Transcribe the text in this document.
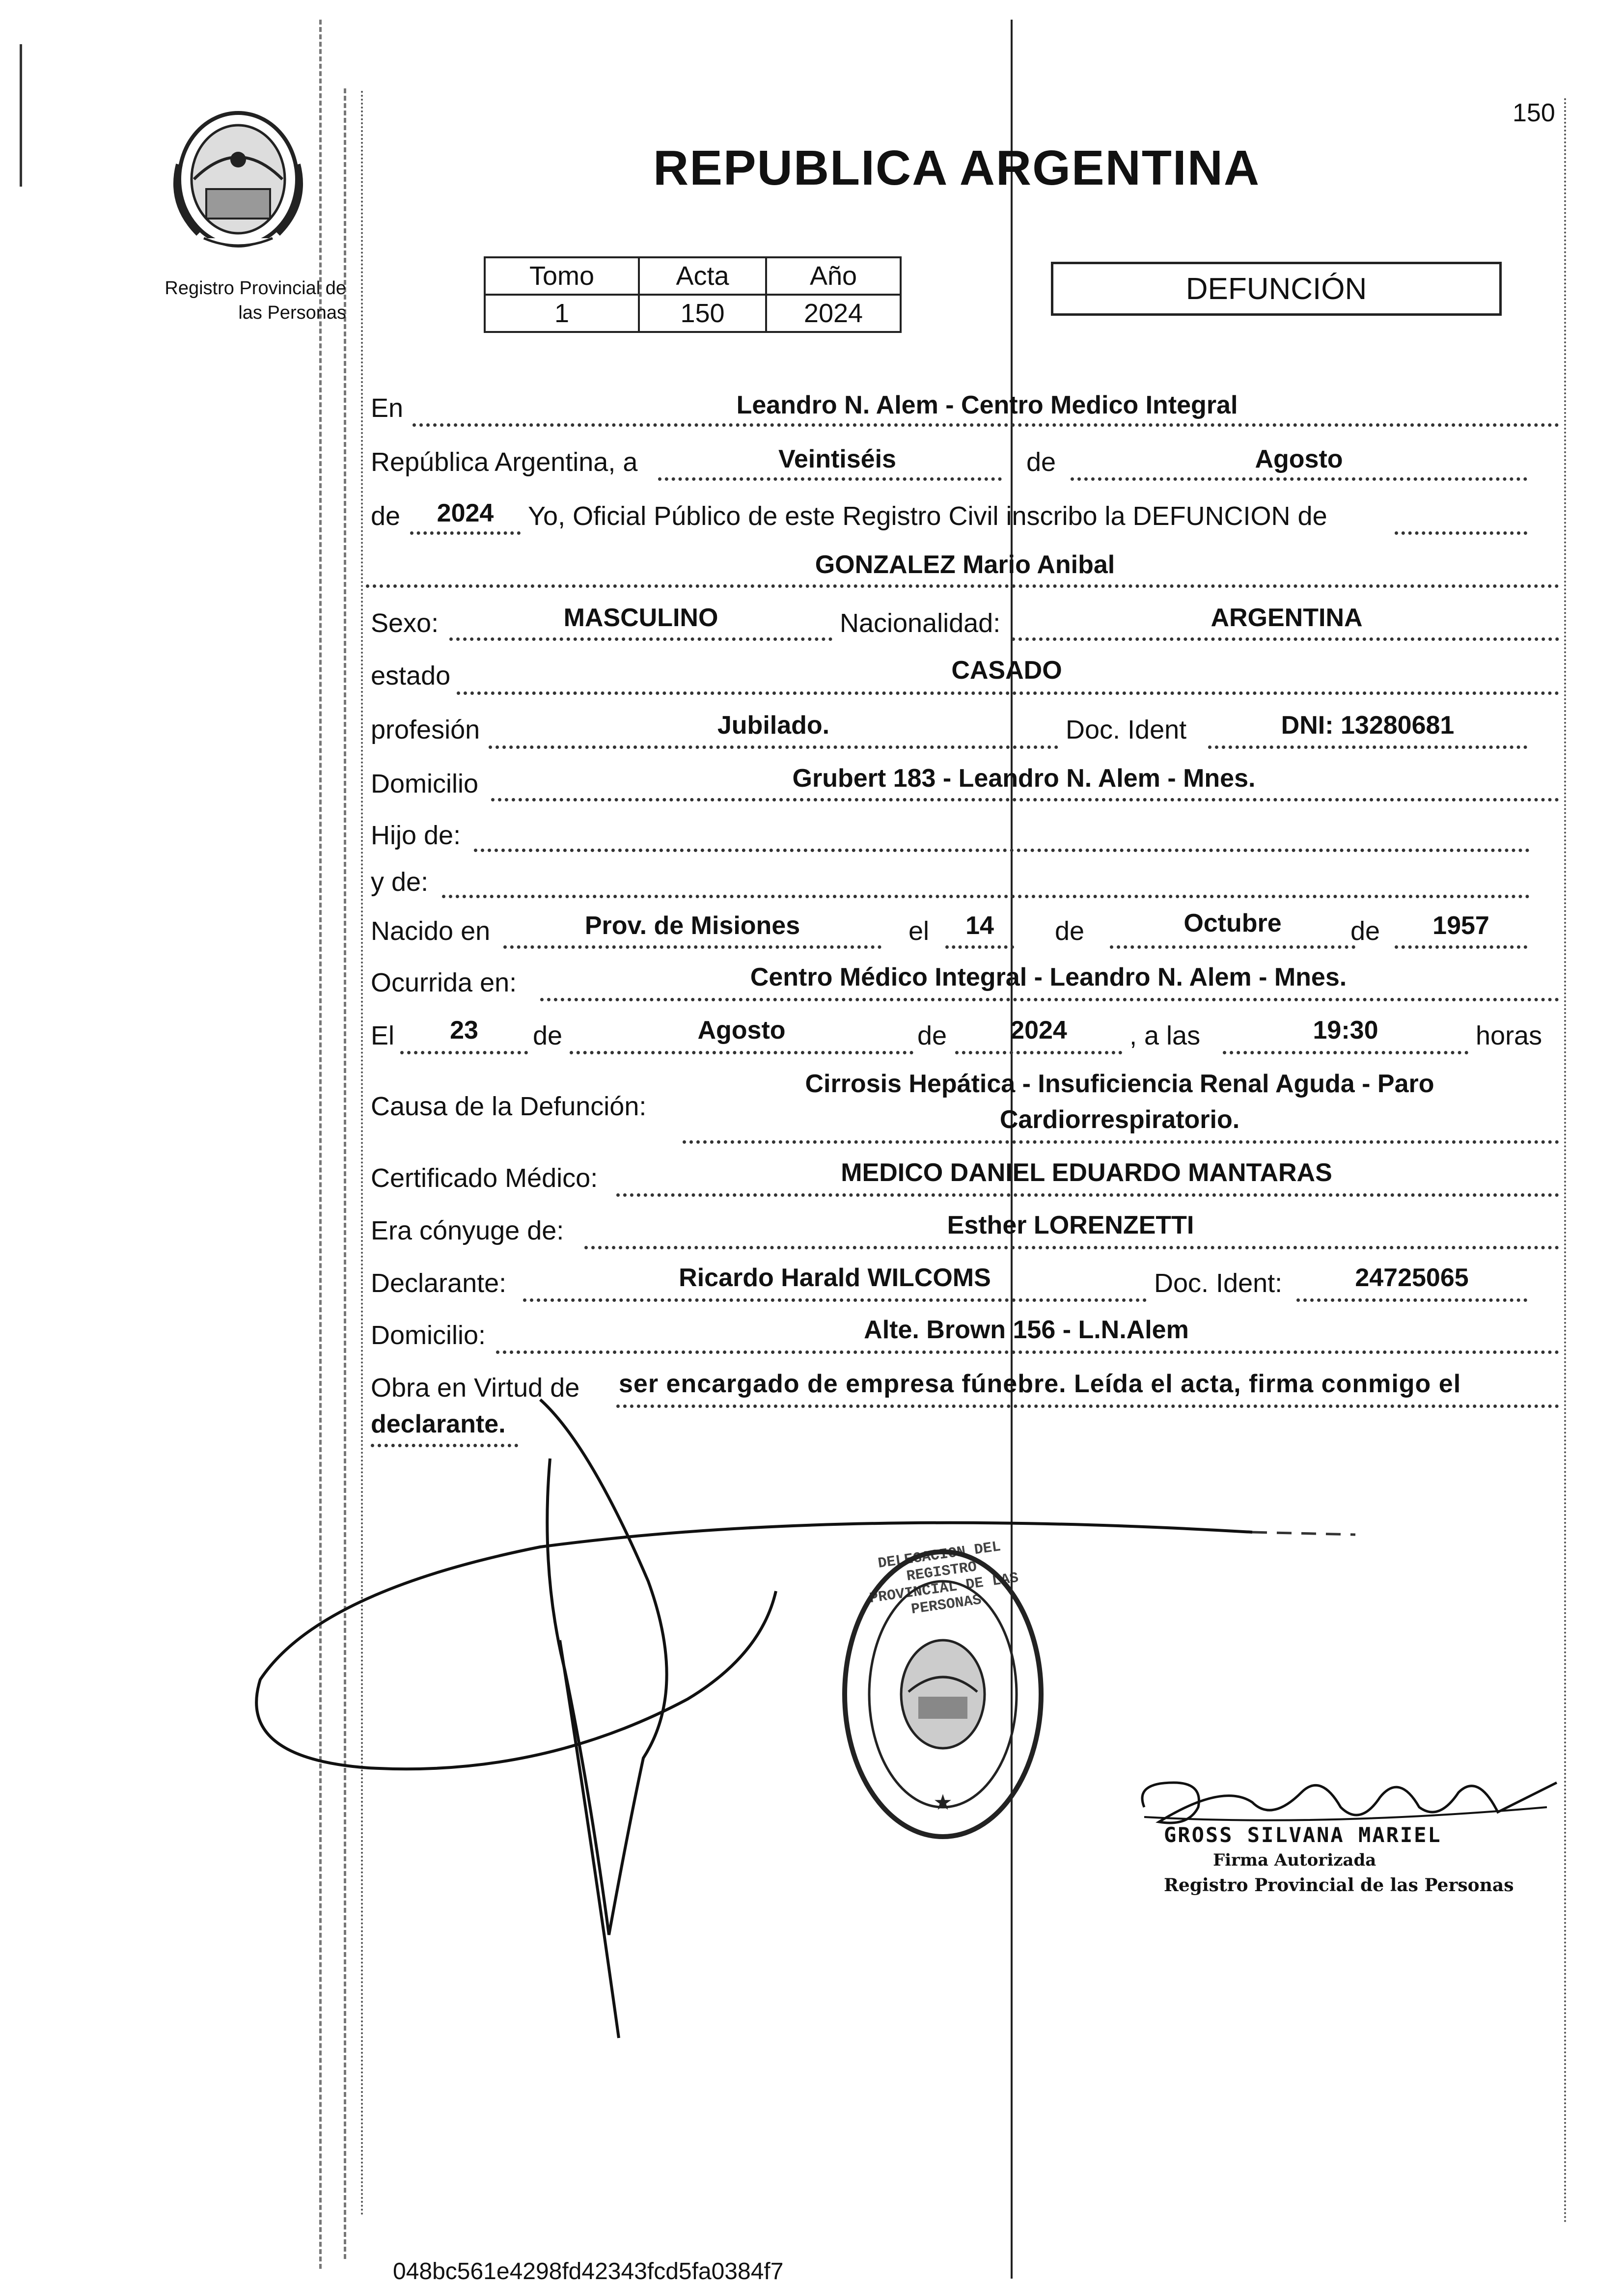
Registro Provincial de
las Personas
REPUBLICA ARGENTINA
150
Tomo	Acta	Año
1	150	2024
DEFUNCIÓN
En	Leandro N. Alem - Centro Medico Integral
República Argentina, a	Veintiséis	de	Agosto
de	2024	Yo, Oficial Público de este Registro Civil inscribo la DEFUNCION de
GONZALEZ Mario Anibal
Sexo:	MASCULINO	Nacionalidad:	ARGENTINA
estado	CASADO
profesión	Jubilado.	Doc. Ident	DNI: 13280681
Domicilio	Grubert 183 - Leandro N. Alem - Mnes.
Hijo de:
y de:
Nacido en	Prov. de Misiones	el	14	de	Octubre	de	1957
Ocurrida en:	Centro Médico Integral - Leandro N. Alem - Mnes.
El	23	de	Agosto	de	2024	, a las	19:30	horas
Causa de la Defunción:
Cirrosis Hepática - Insuficiencia Renal Aguda - Paro
Cardiorrespiratorio.
Certificado Médico:	MEDICO DANIEL EDUARDO MANTARAS
Era cónyuge de:	Esther LORENZETTI
Declarante:	Ricardo Harald WILCOMS	Doc. Ident:	24725065
Domicilio:	Alte. Brown 156 - L.N.Alem
Obra en Virtud de ser encargado de empresa fúnebre. Leída el acta, firma conmigo el
declarante.
★
DELEGACION DEL REGISTRO PROVINCIAL DE LAS PERSONAS
GROSS SILVANA MARIEL
Firma Autorizada
Registro Provincial de las Personas
048bc561e4298fd42343fcd5fa0384f7
